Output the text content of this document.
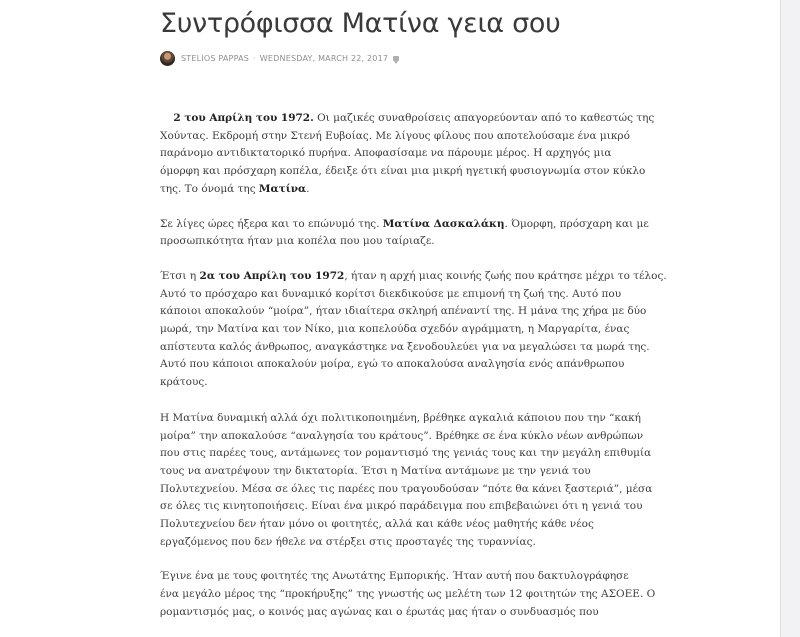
Συντρόφισσα Ματίνα γεια σου
STELIOS PAPPAS · WEDNESDAY, MARCH 22, 2017

2 του Απρίλη του 1972. Οι μαζικές συναθροίσεις απαγορεύονταν από το καθεστώς της

Χούντας. Εκδρομή στην Στενή Ευβοίας. Με λίγους φίλους που αποτελούσαμε ένα μικρό

παράνομο αντιδικτατορικό πυρήνα. Αποφασίσαμε να πάρουμε μέρος. Η αρχηγός μια

όμορφη και πρόσχαρη κοπέλα, έδειξε ότι είναι μια μικρή ηγετική φυσιογνωμία στον κύκλο

της. Το όνομά της Ματίνα.

Σε λίγες ώρες ήξερα και το επώνυμό της. Ματίνα Δασκαλάκη. Όμορφη, πρόσχαρη και με

προσωπικότητα ήταν μια κοπέλα που μου ταίριαζε.

Έτσι η 2α του Απρίλη του 1972, ήταν η αρχή μιας κοινής ζωής που κράτησε μέχρι το τέλος.

Αυτό το πρόσχαρο και δυναμικό κορίτσι διεκδικούσε με επιμονή τη ζωή της. Αυτό που

κάποιοι αποκαλούν “μοίρα”, ήταν ιδιαίτερα σκληρή απέναντί της. Η μάνα της χήρα με δύο

μωρά, την Ματίνα και τον Νίκο, μια κοπελούδα σχεδόν αγράμματη, η Μαργαρίτα, ένας

απίστευτα καλός άνθρωπος, αναγκάστηκε να ξενοδουλεύει για να μεγαλώσει τα μωρά της.

Αυτό που κάποιοι αποκαλούν μοίρα, εγώ το αποκαλούσα αναλγησία ενός απάνθρωπου

κράτους.

Η Ματίνα δυναμική αλλά όχι πολιτικοποιημένη, βρέθηκε αγκαλιά κάποιου που την “κακή

μοίρα” την αποκαλούσε “αναλγησία του κράτους”. Βρέθηκε σε ένα κύκλο νέων ανθρώπων

που στις παρέες τους, αντάμωνες τον ρομαντισμό της γενιάς τους και την μεγάλη επιθυμία

τους να ανατρέψουν την δικτατορία. Έτσι η Ματίνα αντάμωνε με την γενιά του

Πολυτεχνείου. Μέσα σε όλες τις παρέες που τραγουδούσαν “πότε θα κάνει ξαστεριά”, μέσα

σε όλες τις κινητοποιήσεις. Είναι ένα μικρό παράδειγμα που επιβεβαιώνει ότι η γενιά του

Πολυτεχνείου δεν ήταν μόνο οι φοιτητές, αλλά και κάθε νέος μαθητής κάθε νέος

εργαζόμενος που δεν ήθελε να στέρξει στις προσταγές της τυραννίας.

Έγινε ένα με τους φοιτητές της Ανωτάτης Εμπορικής. Ήταν αυτή που δακτυλογράφησε

ένα μεγάλο μέρος της “προκήρυξης” της γνωστής ως μελέτη των 12 φοιτητών της ΑΣΟΕΕ. Ο

ρομαντισμός μας, ο κοινός μας αγώνας και ο έρωτάς μας ήταν ο συνδυασμός που
